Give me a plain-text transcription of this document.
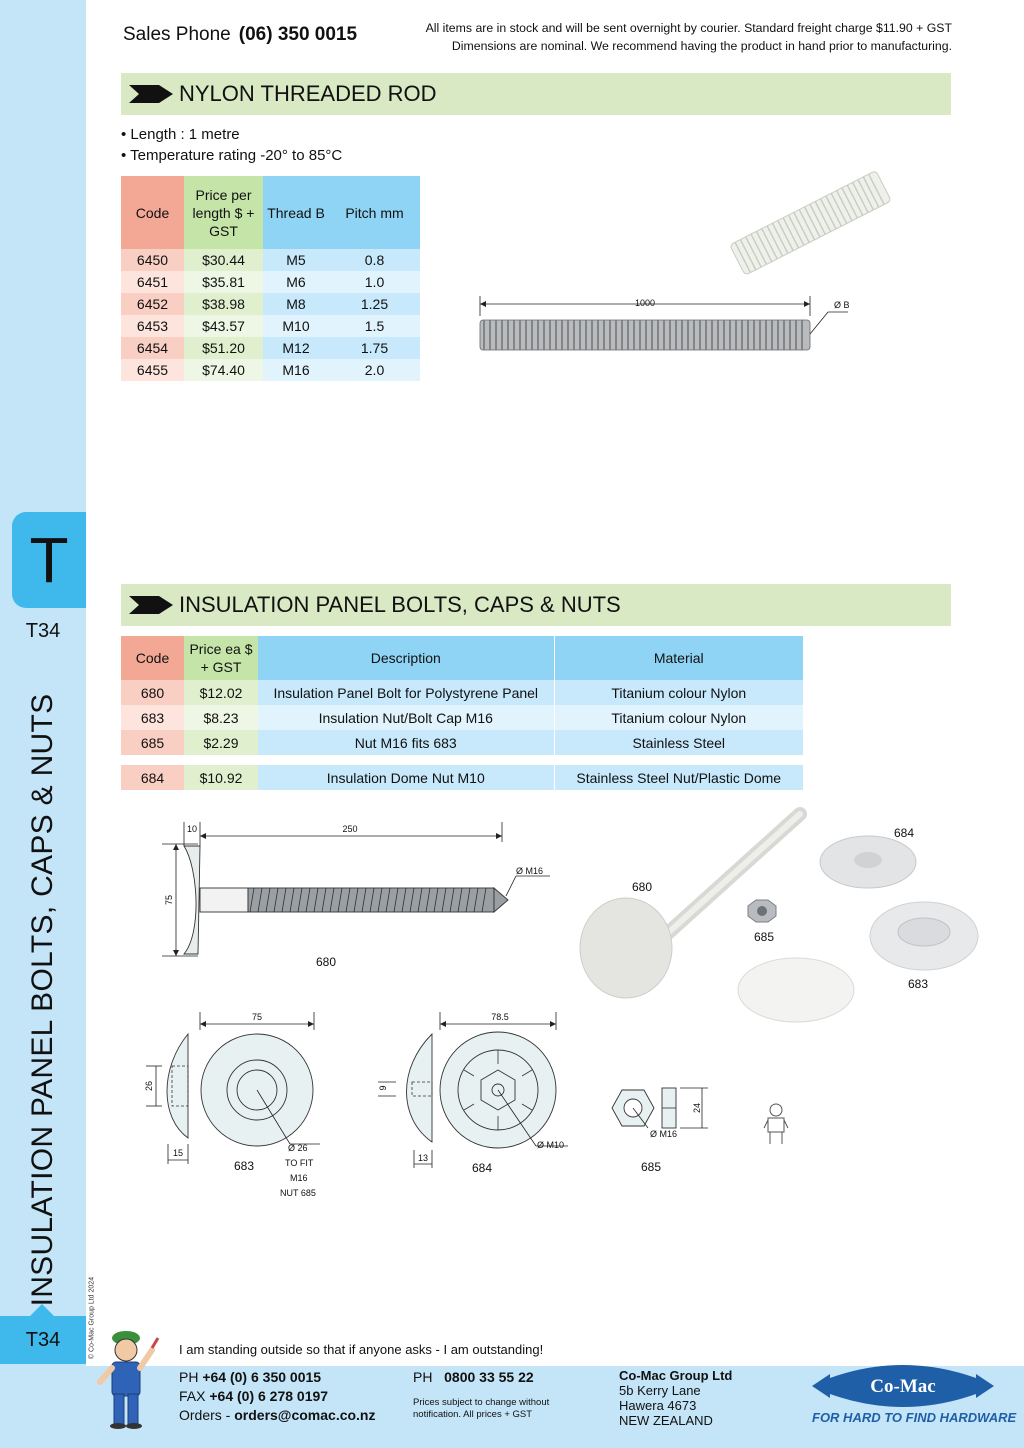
T
T34
INSULATION PANEL BOLTS, CAPS & NUTS
© Co-Mac Group Ltd 2024
T34
Sales Phone (06) 350 0015	All items are in stock and will be sent overnight by courier. Standard freight charge $11.90 + GST
Dimensions are nominal. We recommend having the product in hand prior to manufacturing.
NYLON THREADED ROD
• Length : 1 metre
• Temperature rating -20° to 85°C
Code	Price per length $ + GST	Thread B	Pitch mm
6450	$30.44	M5	0.8
6451	$35.81	M6	1.0
6452	$38.98	M8	1.25
6453	$43.57	M10	1.5
6454	$51.20	M12	1.75
6455	$74.40	M16	2.0
1000	Ø B
INSULATION PANEL BOLTS, CAPS & NUTS
Code	Price ea $ + GST	Description	Material
680	$12.02	Insulation Panel Bolt for Polystyrene Panel	Titanium colour Nylon
683	$8.23	Insulation Nut/Bolt Cap M16	Titanium colour Nylon
685	$2.29	Nut M16 fits 683	Stainless Steel

684	$10.92	Insulation Dome Nut M10	Stainless Steel Nut/Plastic Dome
10	250
75
Ø M16
680
680
685
684
683
75
26
15	Ø 26
TO FIT
M16
NUT 685
683
78.5
9
13
Ø M10
684
24
Ø M16
685
I am standing outside so that if anyone asks - I am outstanding!
PH +64 (0) 6 350 0015
FAX +64 (0) 6 278 0197
Orders - orders@comac.co.nz
PH 0800 33 55 22
Prices subject to change without notification. All prices + GST
Co-Mac Group Ltd
5b Kerry Lane
Hawera 4673
NEW ZEALAND
Co-Mac
FOR HARD TO FIND HARDWARE
